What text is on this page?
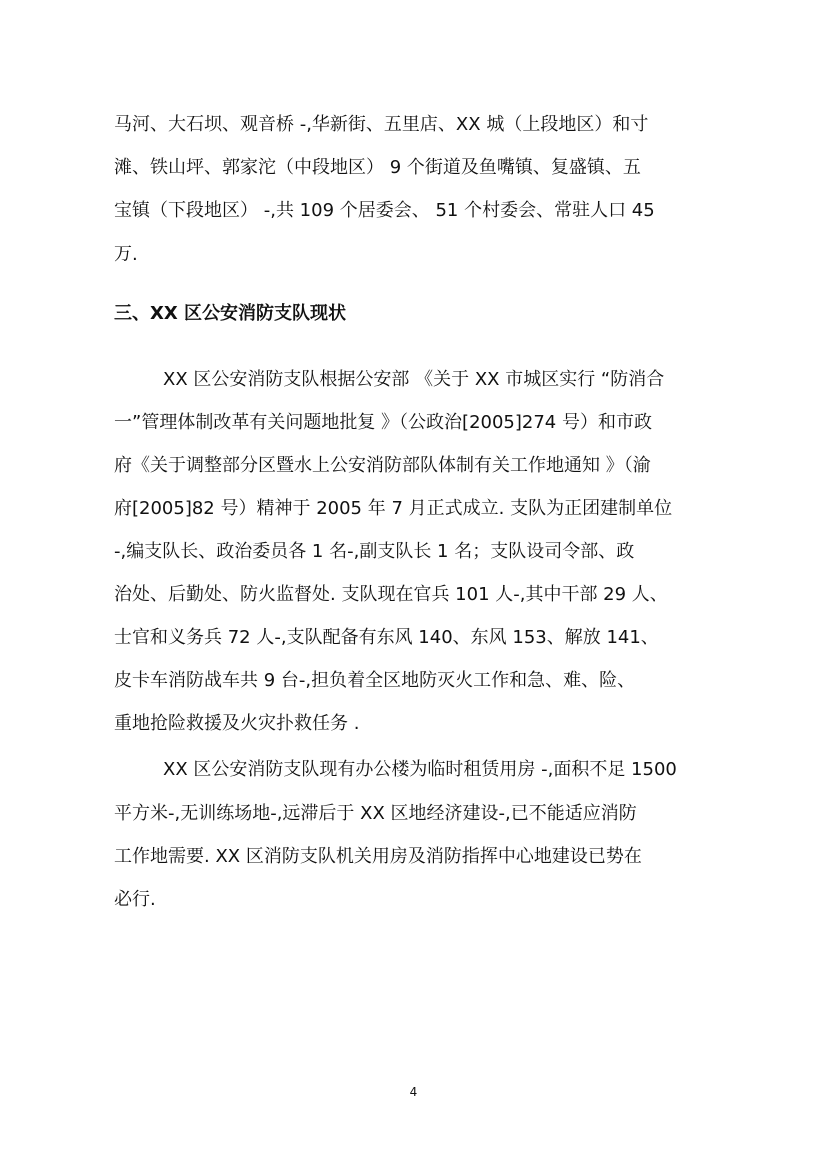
马河、大石坝、观音桥 -,华新街、五里店、XX 城（上段地区）和寸
滩、铁山坪、郭家沱（中段地区） 9 个街道及鱼嘴镇、复盛镇、五
宝镇（下段地区） -,共 109 个居委会、 51 个村委会、常驻人口 45
万.
三、XX 区公安消防支队现状
XX 区公安消防支队根据公安部 《关于 XX 市城区实行 “防消合
一”管理体制改革有关问题地批复 》（公政治[2005]274 号）和市政
府《关于调整部分区暨水上公安消防部队体制有关工作地通知 》（渝
府[2005]82 号）精神于 2005 年 7 月正式成立. 支队为正团建制单位
-,编支队长、政治委员各 1 名-,副支队长 1 名；支队设司令部、政
治处、后勤处、防火监督处. 支队现在官兵 101 人-,其中干部 29 人、
士官和义务兵 72 人-,支队配备有东风 140、东风 153、解放 141、
皮卡车消防战车共 9 台-,担负着全区地防灭火工作和急、难、险、
重地抢险救援及火灾扑救任务 .
XX 区公安消防支队现有办公楼为临时租赁用房 -,面积不足 1500
平方米-,无训练场地-,远滞后于 XX 区地经济建设-,已不能适应消防
工作地需要. XX 区消防支队机关用房及消防指挥中心地建设已势在
必行.
4
